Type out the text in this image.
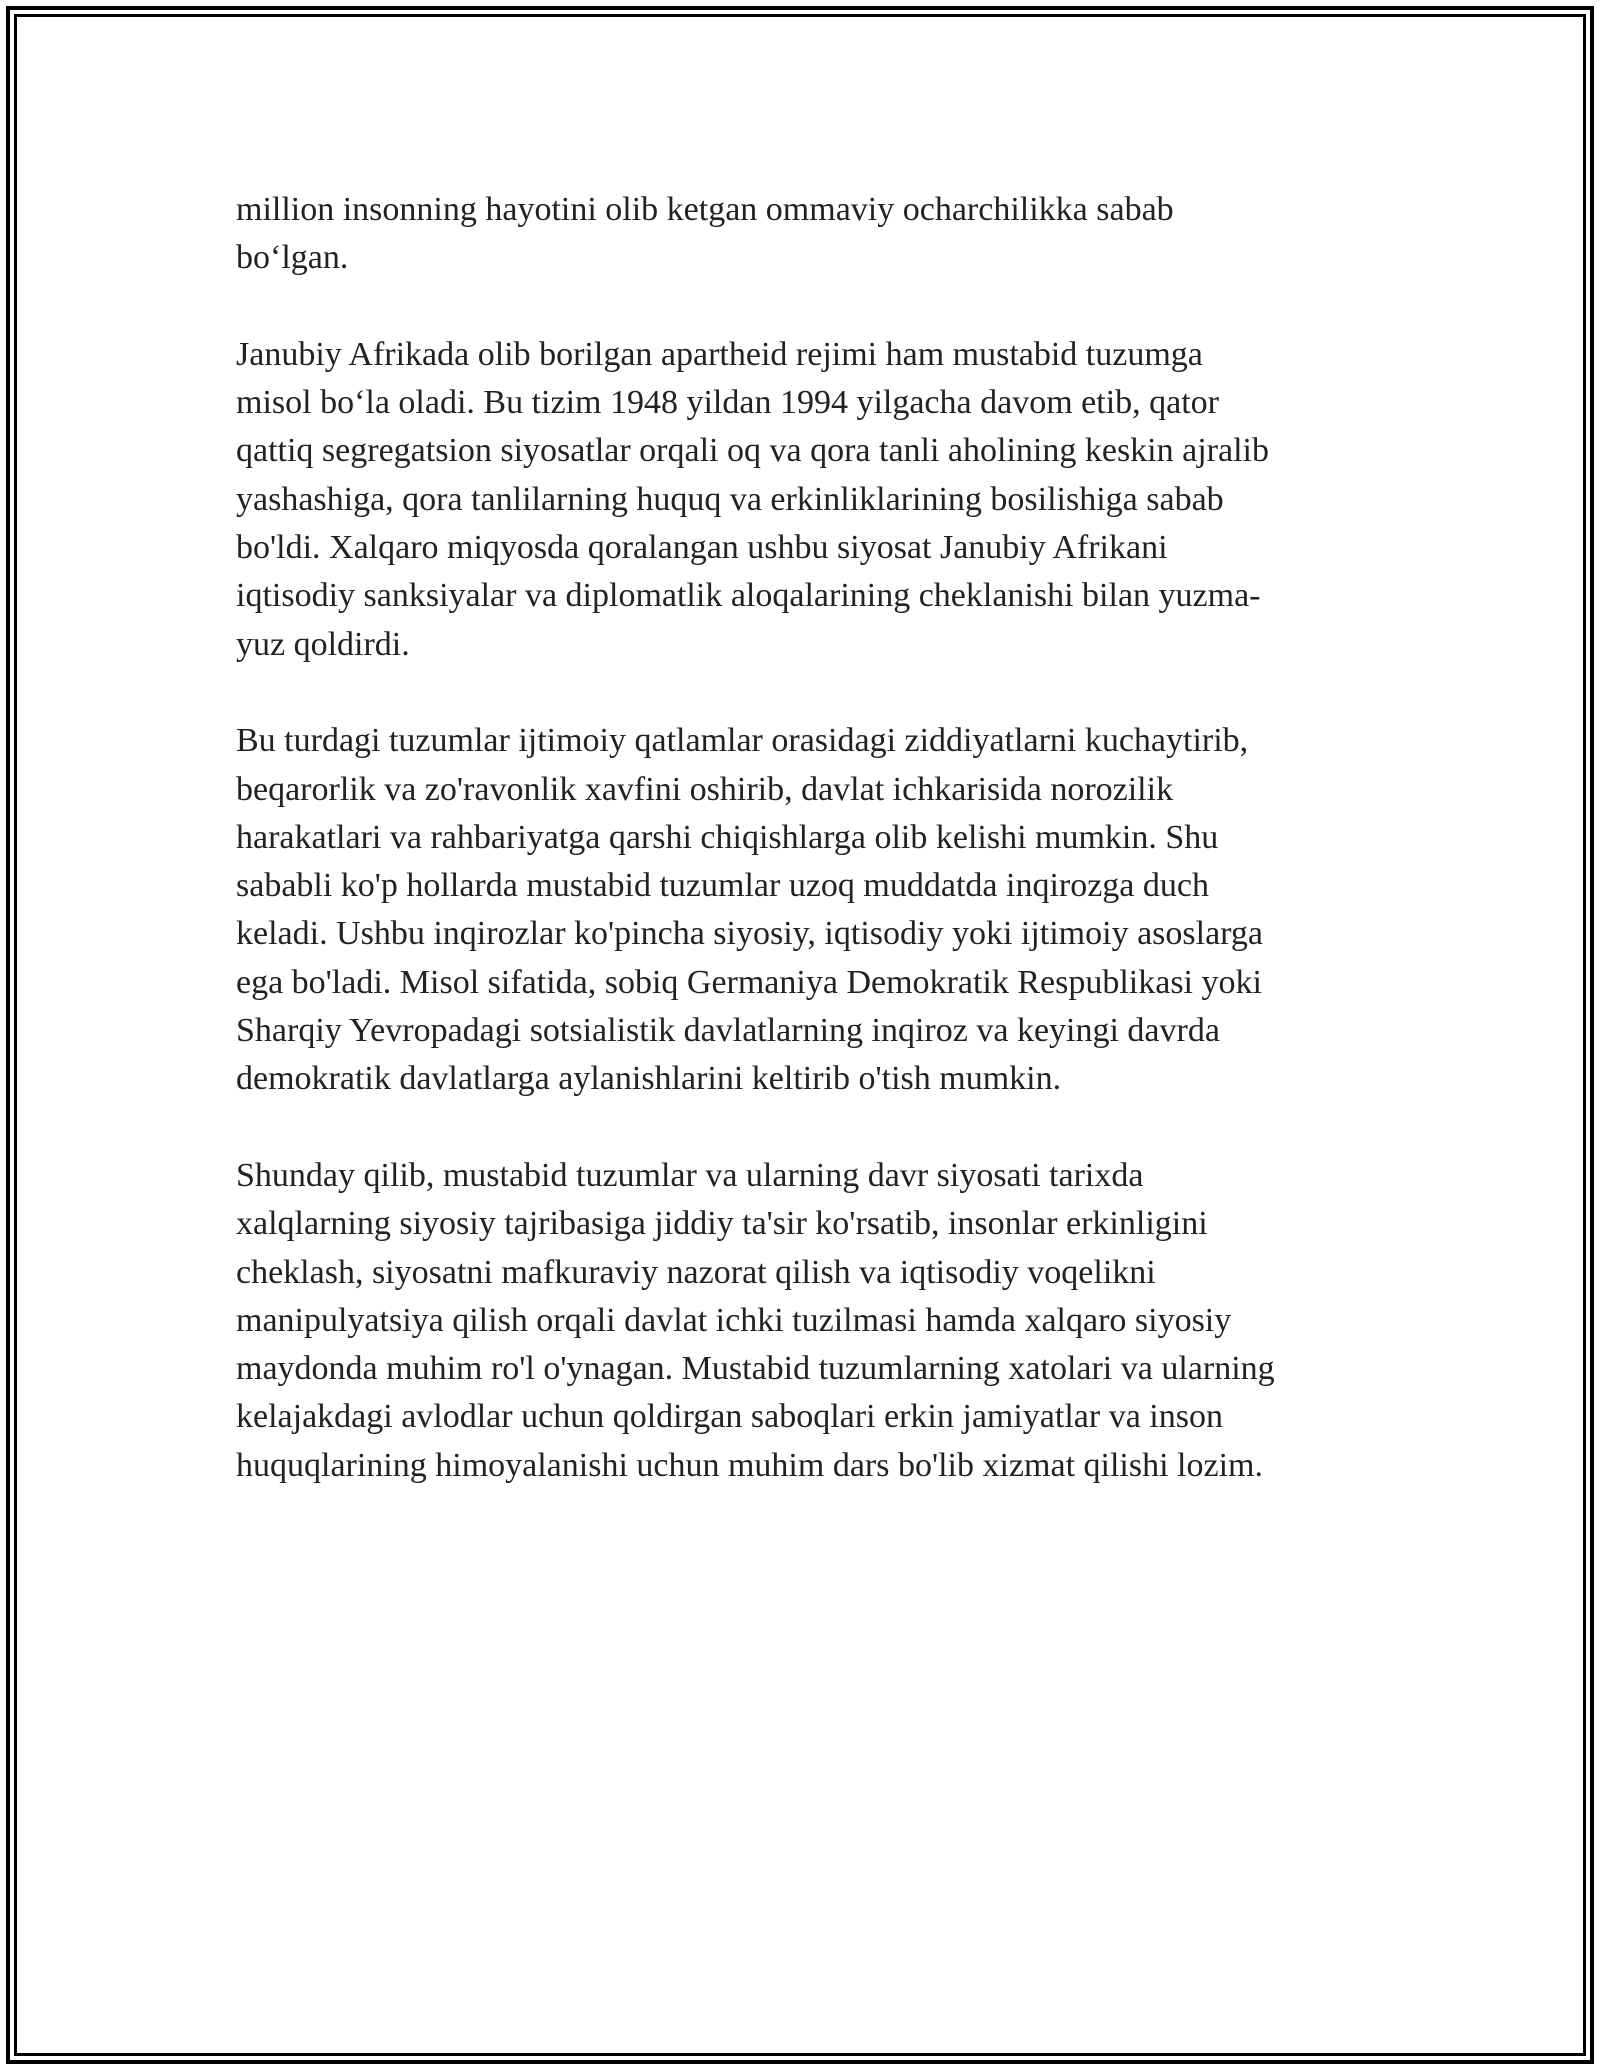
million insonning hayotini olib ketgan ommaviy ocharchilikka sabab
bo‘lgan.
Janubiy Afrikada olib borilgan apartheid rejimi ham mustabid tuzumga
misol bo‘la oladi. Bu tizim 1948 yildan 1994 yilgacha davom etib, qator
qattiq segregatsion siyosatlar orqali oq va qora tanli aholining keskin ajralib
yashashiga, qora tanlilarning huquq va erkinliklarining bosilishiga sabab
bo'ldi. Xalqaro miqyosda qoralangan ushbu siyosat Janubiy Afrikani
iqtisodiy sanksiyalar va diplomatlik aloqalarining cheklanishi bilan yuzma-
yuz qoldirdi.
Bu turdagi tuzumlar ijtimoiy qatlamlar orasidagi ziddiyatlarni kuchaytirib,
beqarorlik va zo'ravonlik xavfini oshirib, davlat ichkarisida norozilik
harakatlari va rahbariyatga qarshi chiqishlarga olib kelishi mumkin. Shu
sababli ko'p hollarda mustabid tuzumlar uzoq muddatda inqirozga duch
keladi. Ushbu inqirozlar ko'pincha siyosiy, iqtisodiy yoki ijtimoiy asoslarga
ega bo'ladi. Misol sifatida, sobiq Germaniya Demokratik Respublikasi yoki
Sharqiy Yevropadagi sotsialistik davlatlarning inqiroz va keyingi davrda
demokratik davlatlarga aylanishlarini keltirib o'tish mumkin.
Shunday qilib, mustabid tuzumlar va ularning davr siyosati tarixda
xalqlarning siyosiy tajribasiga jiddiy ta'sir ko'rsatib, insonlar erkinligini
cheklash, siyosatni mafkuraviy nazorat qilish va iqtisodiy voqelikni
manipulyatsiya qilish orqali davlat ichki tuzilmasi hamda xalqaro siyosiy
maydonda muhim ro'l o'ynagan. Mustabid tuzumlarning xatolari va ularning
kelajakdagi avlodlar uchun qoldirgan saboqlari erkin jamiyatlar va inson
huquqlarining himoyalanishi uchun muhim dars bo'lib xizmat qilishi lozim.
